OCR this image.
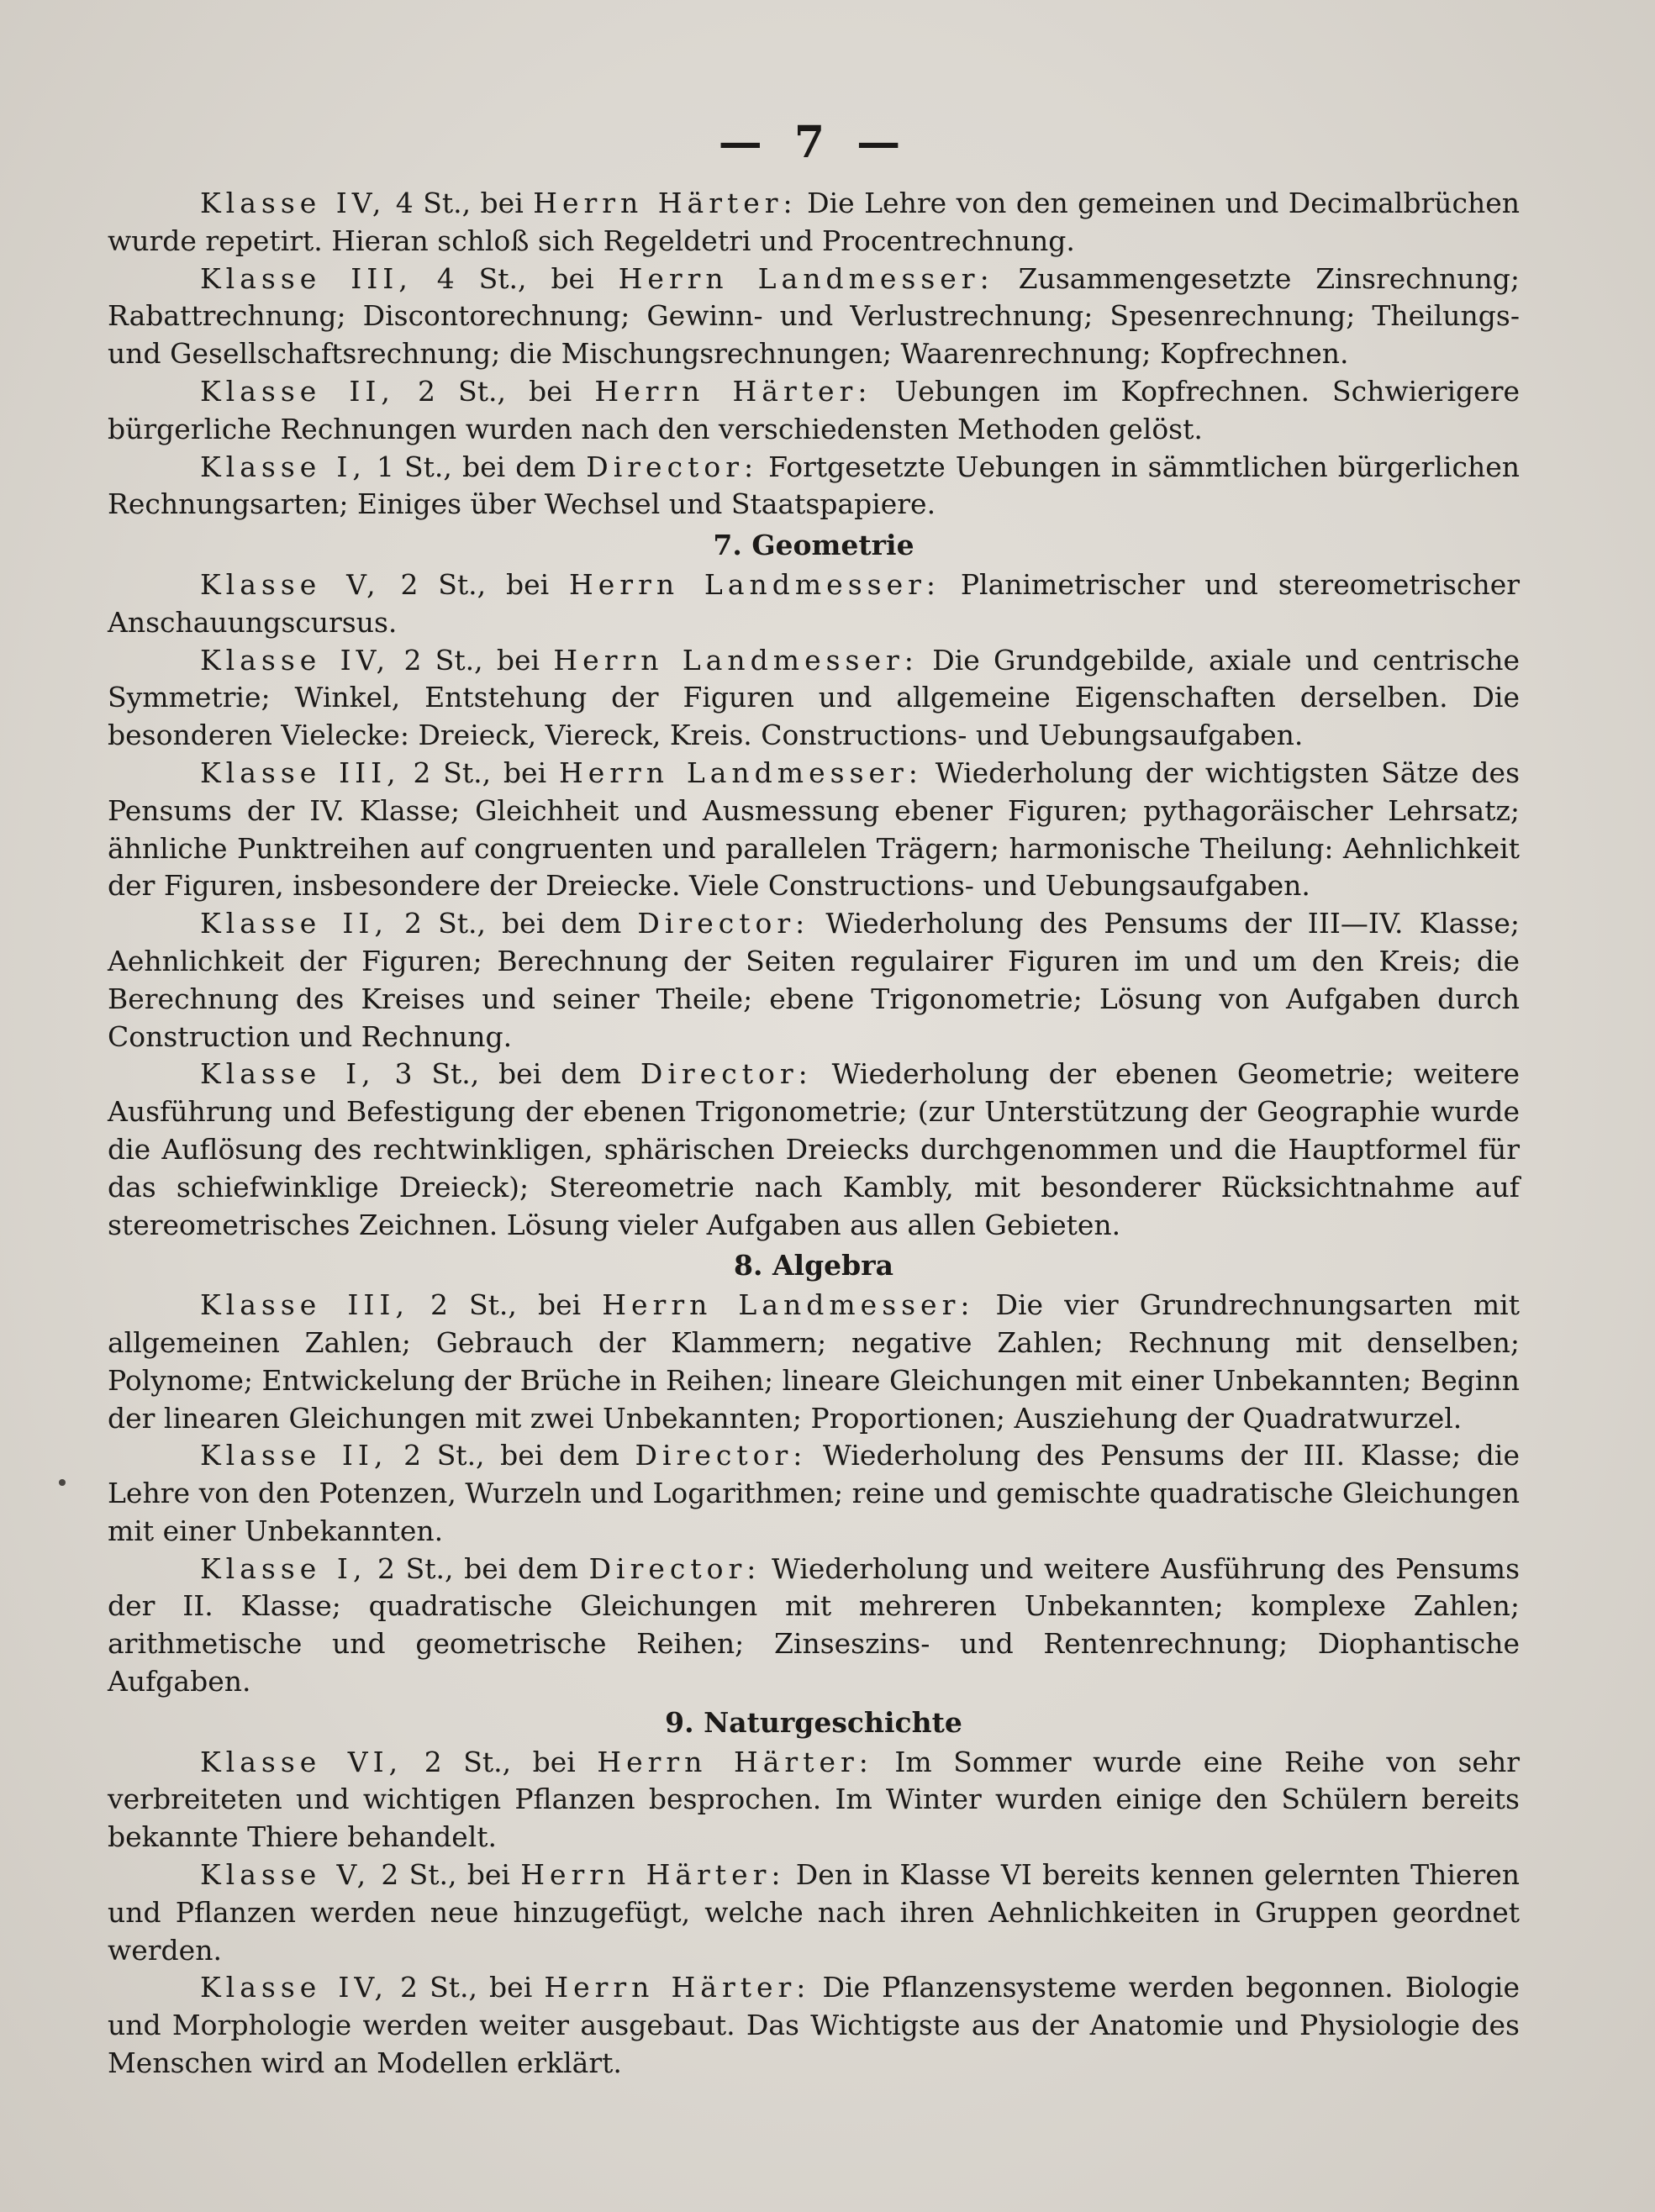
— 7 —

Klasse IV, 4 St., bei Herrn Härter: Die Lehre von den gemeinen und Decimalbrüchen wurde repetirt. Hieran schloß sich Regeldetri und Procentrechnung.

Klasse III, 4 St., bei Herrn Landmesser: Zusammengesetzte Zinsrechnung; Rabattrechnung; Discontorechnung; Gewinn- und Verlustrechnung; Spesenrechnung; Theilungs- und Gesellschaftsrechnung; die Mischungsrechnungen; Waarenrechnung; Kopfrechnen.

Klasse II, 2 St., bei Herrn Härter: Uebungen im Kopfrechnen. Schwierigere bürgerliche Rechnungen wurden nach den verschiedensten Methoden gelöst.

Klasse I, 1 St., bei dem Director: Fortgesetzte Uebungen in sämmtlichen bürgerlichen Rechnungsarten; Einiges über Wechsel und Staatspapiere.

7. Geometrie

Klasse V, 2 St., bei Herrn Landmesser: Planimetrischer und stereometrischer Anschauungscursus.

Klasse IV, 2 St., bei Herrn Landmesser: Die Grundgebilde, axiale und centrische Symmetrie; Winkel, Entstehung der Figuren und allgemeine Eigenschaften derselben. Die besonderen Vielecke: Dreieck, Viereck, Kreis. Constructions- und Uebungsaufgaben.

Klasse III, 2 St., bei Herrn Landmesser: Wiederholung der wichtigsten Sätze des Pensums der IV. Klasse; Gleichheit und Ausmessung ebener Figuren; pythagoräischer Lehrsatz; ähnliche Punktreihen auf congruenten und parallelen Trägern; harmonische Theilung: Aehnlichkeit der Figuren, insbesondere der Dreiecke. Viele Constructions- und Uebungsaufgaben.

Klasse II, 2 St., bei dem Director: Wiederholung des Pensums der III—IV. Klasse; Aehnlichkeit der Figuren; Berechnung der Seiten regulairer Figuren im und um den Kreis; die Berechnung des Kreises und seiner Theile; ebene Trigonometrie; Lösung von Aufgaben durch Construction und Rechnung.

Klasse I, 3 St., bei dem Director: Wiederholung der ebenen Geometrie; weitere Ausführung und Befestigung der ebenen Trigonometrie; (zur Unterstützung der Geographie wurde die Auflösung des rechtwinkligen, sphärischen Dreiecks durchgenommen und die Hauptformel für das schiefwinklige Dreieck); Stereometrie nach Kambly, mit besonderer Rücksichtnahme auf stereometrisches Zeichnen. Lösung vieler Aufgaben aus allen Gebieten.

8. Algebra

Klasse III, 2 St., bei Herrn Landmesser: Die vier Grundrechnungsarten mit allgemeinen Zahlen; Gebrauch der Klammern; negative Zahlen; Rechnung mit denselben; Polynome; Entwickelung der Brüche in Reihen; lineare Gleichungen mit einer Unbekannten; Beginn der linearen Gleichungen mit zwei Unbekannten; Proportionen; Ausziehung der Quadratwurzel.

Klasse II, 2 St., bei dem Director: Wiederholung des Pensums der III. Klasse; die Lehre von den Potenzen, Wurzeln und Logarithmen; reine und gemischte quadratische Gleichungen mit einer Unbekannten.

Klasse I, 2 St., bei dem Director: Wiederholung und weitere Ausführung des Pensums der II. Klasse; quadratische Gleichungen mit mehreren Unbekannten; komplexe Zahlen; arithmetische und geometrische Reihen; Zinseszins- und Rentenrechnung; Diophantische Aufgaben.

9. Naturgeschichte

Klasse VI, 2 St., bei Herrn Härter: Im Sommer wurde eine Reihe von sehr verbreiteten und wichtigen Pflanzen besprochen. Im Winter wurden einige den Schülern bereits bekannte Thiere behandelt.

Klasse V, 2 St., bei Herrn Härter: Den in Klasse VI bereits kennen gelernten Thieren und Pflanzen werden neue hinzugefügt, welche nach ihren Aehnlichkeiten in Gruppen geordnet werden.

Klasse IV, 2 St., bei Herrn Härter: Die Pflanzensysteme werden begonnen. Biologie und Morphologie werden weiter ausgebaut. Das Wichtigste aus der Anatomie und Physiologie des Menschen wird an Modellen erklärt.
